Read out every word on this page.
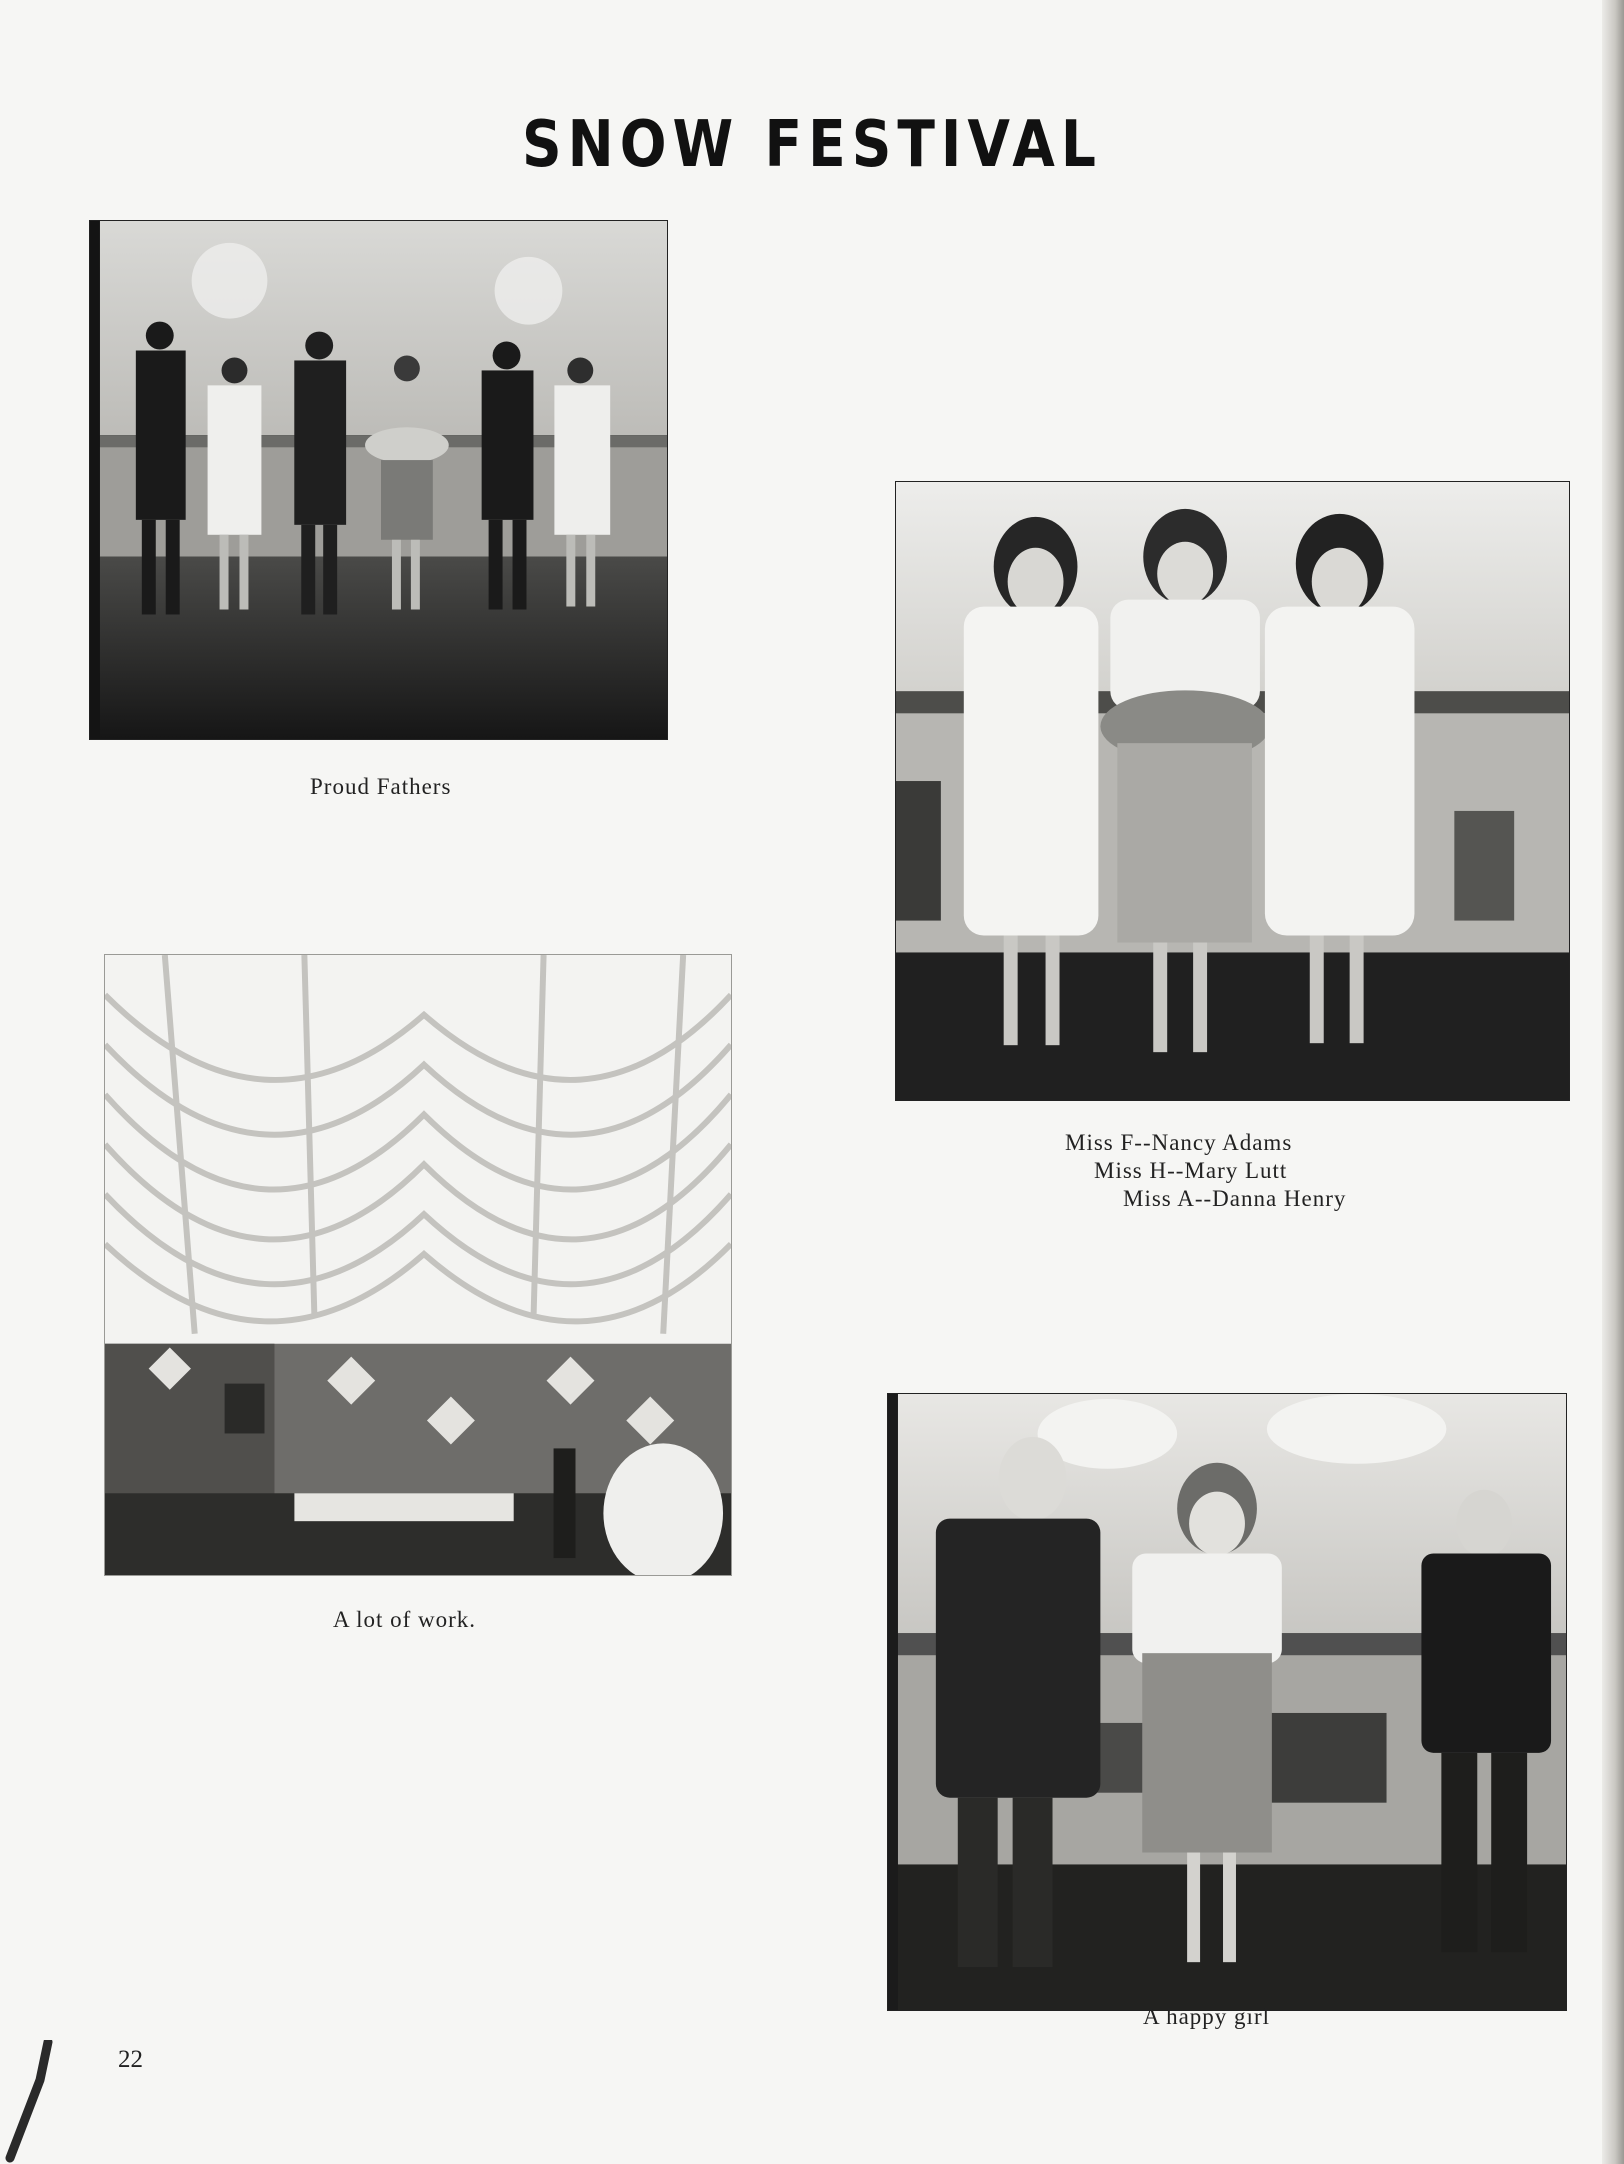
SNOW FESTIVAL
Proud Fathers
Miss F--Nancy Adams
Miss H--Mary Lutt
Miss A--Danna Henry
A lot of work.
A happy girl
22
